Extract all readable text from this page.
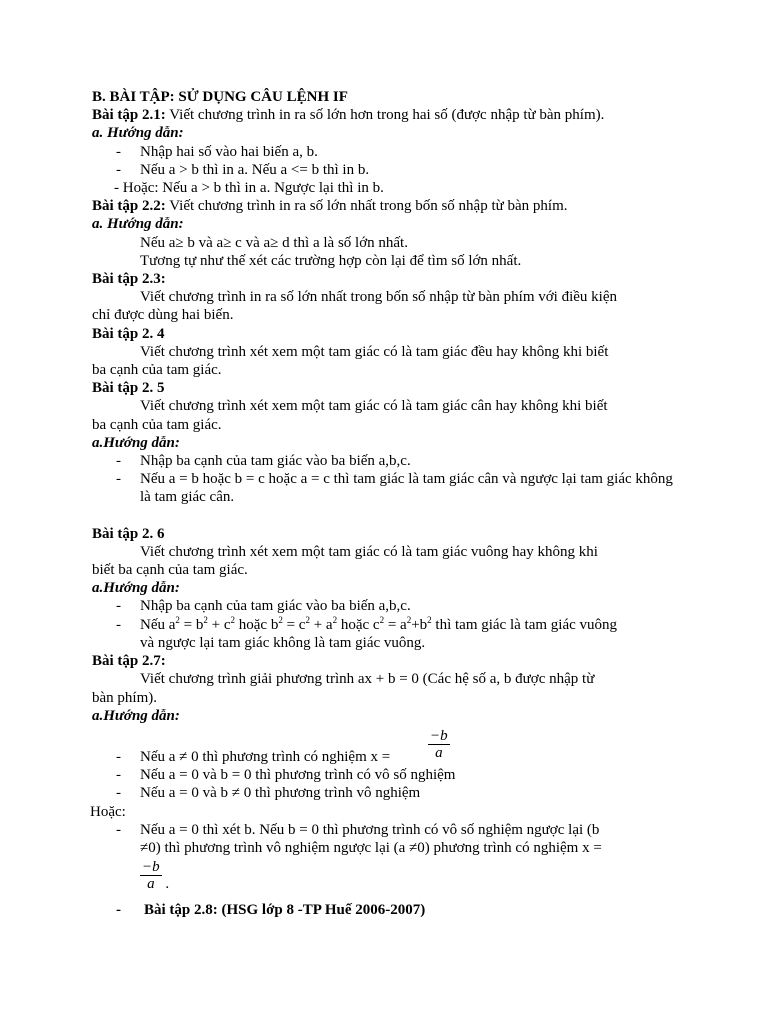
B. BÀI TẬP: SỬ DỤNG CÂU LỆNH IF
Bài tập 2.1: Viết chương trình in ra số lớn hơn trong hai số (được nhập từ bàn phím).
a. Hướng dẫn:
- Nhập hai số vào hai biến a, b.
- Nếu a > b thì in a. Nếu a <= b thì in b.
- Hoặc: Nếu a > b thì in a. Ngược lại thì in b.
Bài tập 2.2: Viết chương trình in ra số lớn nhất trong bốn số nhập từ bàn phím.
a. Hướng dẫn:
Nếu a≥ b và a≥ c và a≥ d thì a là số lớn nhất.
Tương tự như thế xét các trường hợp còn lại để tìm số lớn nhất.
Bài tập 2.3:
Viết chương trình in ra số lớn nhất trong bốn số nhập từ bàn phím với điều kiện
chỉ được dùng hai biến.
Bài tập 2. 4
Viết chương trình xét xem một tam giác có là tam giác đều hay không khi biết
ba cạnh của tam giác.
Bài tập 2. 5
Viết chương trình xét xem một tam giác có là tam giác cân hay không khi biết
ba cạnh của tam giác.
a.Hướng dẫn:
- Nhập ba cạnh của tam giác vào ba biến a,b,c.
- Nếu a = b hoặc b = c hoặc a = c thì tam giác là tam giác cân và ngược lại tam giác không là tam giác cân.
Bài tập 2. 6
Viết chương trình xét xem một tam giác có là tam giác vuông hay không khi
biết ba cạnh của tam giác.
a.Hướng dẫn:
- Nhập ba cạnh của tam giác vào ba biến a,b,c.
- Nếu $a^2 = b^2 + c^2$ hoặc $b^2 = c^2 + a^2$ hoặc $c^2 = a^2+b^2$ thì tam giác là tam giác vuông
và ngược lại tam giác không là tam giác vuông.
Bài tập 2.7:
Viết chương trình giải phương trình ax + b = 0 (Các hệ số a, b được nhập từ
bàn phím).
a.Hướng dẫn:
$\frac{-b}{a}$
- Nếu a ≠ 0 thì phương trình có nghiệm x =
- Nếu a = 0 và b = 0 thì phương trình có vô số nghiệm
- Nếu a = 0 và b ≠ 0 thì phương trình vô nghiệm
Hoặc:
- Nếu a = 0 thì xét b. Nếu b = 0 thì phương trình có vô số nghiệm ngược lại (b
≠0) thì phương trình vô nghiệm ngược lại (a ≠0) phương trình có nghiệm x =

$\frac{-b}{a}$ .
- Bài tập 2.8: (HSG lớp 8 -TP Huế 2006-2007)
